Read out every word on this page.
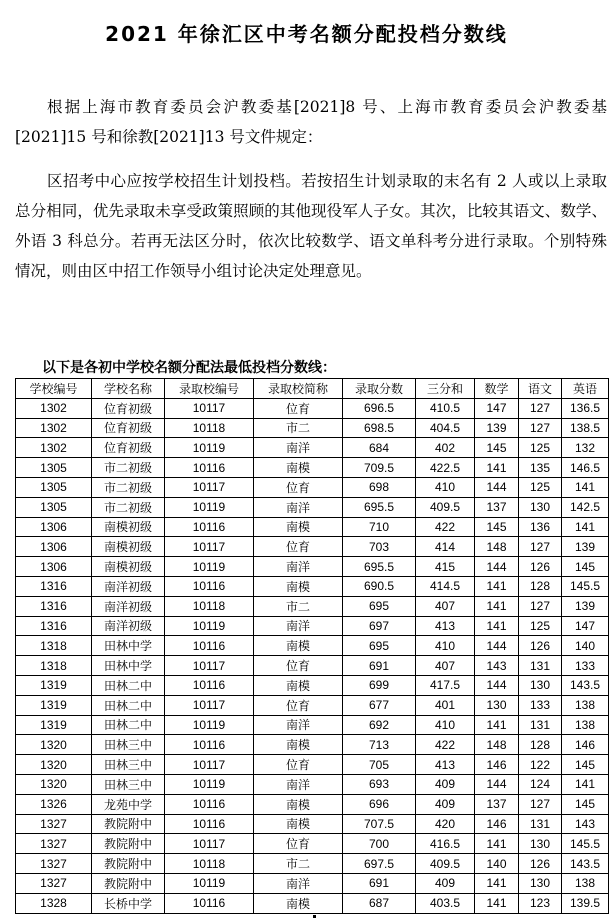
2021 年徐汇区中考名额分配投档分数线
根据上海市教育委员会沪教委基[2021]8 号、上海市教育委员会沪教委基[2021]15 号和徐教[2021]13 号文件规定：
区招考中心应按学校招生计划投档。若按招生计划录取的末名有 2 人或以上录取总分相同，优先录取未享受政策照顾的其他现役军人子女。其次，比较其语文、数学、外语 3 科总分。若再无法区分时，依次比较数学、语文单科考分进行录取。个别特殊情况，则由区中招工作领导小组讨论决定处理意见。
以下是各初中学校名额分配法最低投档分数线：
学校编号	学校名称	录取校编号	录取校简称	录取分数	三分和	数学	语文	英语
1302	位育初级	10117	位育	696.5	410.5	147	127	136.5
1302	位育初级	10118	市二	698.5	404.5	139	127	138.5
1302	位育初级	10119	南洋	684	402	145	125	132
1305	市二初级	10116	南模	709.5	422.5	141	135	146.5
1305	市二初级	10117	位育	698	410	144	125	141
1305	市二初级	10119	南洋	695.5	409.5	137	130	142.5
1306	南模初级	10116	南模	710	422	145	136	141
1306	南模初级	10117	位育	703	414	148	127	139
1306	南模初级	10119	南洋	695.5	415	144	126	145
1316	南洋初级	10116	南模	690.5	414.5	141	128	145.5
1316	南洋初级	10118	市二	695	407	141	127	139
1316	南洋初级	10119	南洋	697	413	141	125	147
1318	田林中学	10116	南模	695	410	144	126	140
1318	田林中学	10117	位育	691	407	143	131	133
1319	田林二中	10116	南模	699	417.5	144	130	143.5
1319	田林二中	10117	位育	677	401	130	133	138
1319	田林二中	10119	南洋	692	410	141	131	138
1320	田林三中	10116	南模	713	422	148	128	146
1320	田林三中	10117	位育	705	413	146	122	145
1320	田林三中	10119	南洋	693	409	144	124	141
1326	龙苑中学	10116	南模	696	409	137	127	145
1327	教院附中	10116	南模	707.5	420	146	131	143
1327	教院附中	10117	位育	700	416.5	141	130	145.5
1327	教院附中	10118	市二	697.5	409.5	140	126	143.5
1327	教院附中	10119	南洋	691	409	141	130	138
1328	长桥中学	10116	南模	687	403.5	141	123	139.5
